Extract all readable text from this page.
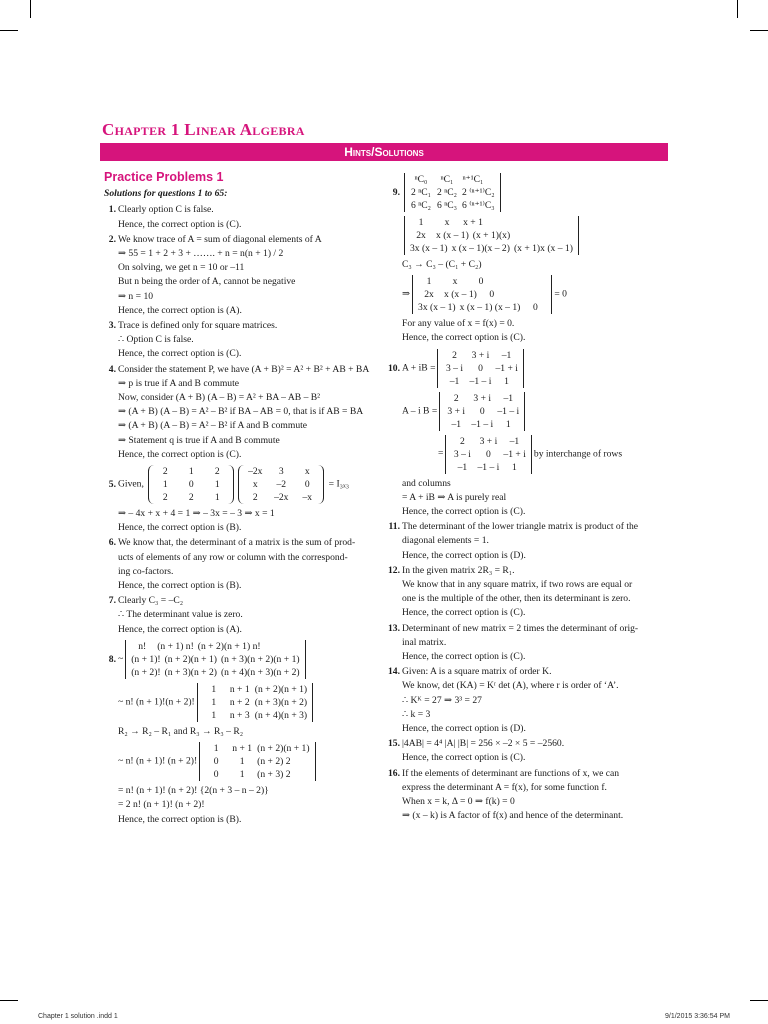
Chapter 1 Linear Algebra
Hints/Solutions
Practice Problems 1
Solutions for questions 1 to 65:
1. Clearly option C is false.
Hence, the correct option is (C).
2. We know trace of A = sum of diagonal elements of A
⇒ 55 = 1 + 2 + 3 + ……. + n = n(n + 1) / 2
On solving, we get n = 10 or –11
But n being the order of A, cannot be negative
⇒ n = 10
Hence, the correct option is (A).
3. Trace is defined only for square matrices.
∴ Option C is false.
Hence, the correct option is (C).
4. Consider the statement P, we have (A + B)² = A² + B² + AB + BA
⇒ p is true if A and B commute
Now, consider (A + B) (A – B) = A² + BA – AB – B²
⇒ (A + B) (A – B) = A² – B² if BA – AB = 0, that is if AB = BA
⇒ (A + B) (A – B) = A² – B² if A and B commute
⇒ Statement q is true if A and B commute
Hence, the correct option is (C).
5. Given,
2 1 2
1 0 1
2 2 1
–2x 3 x
x –2 0
2 –2x –x
= I₃ₓ₃
⇒ – 4x + x + 4 = 1 ⇒ – 3x = – 3 ⇒ x = 1
Hence, the correct option is (B).
6. We know that, the determinant of a matrix is the sum of prod-
ucts of elements of any row or column with the correspond-
ing co-factors.
Hence, the correct option is (B).
7. Clearly C₃ = –C₂
∴ The determinant value is zero.
Hence, the correct option is (A).
8. ~
n! (n + 1) n! (n + 2)(n + 1) n!
(n + 1)! (n + 2)(n + 1) (n + 3)(n + 2)(n + 1)
(n + 2)! (n + 3)(n + 2) (n + 4)(n + 3)(n + 2)
~ n! (n + 1)!(n + 2)!
1 n + 1 (n + 2)(n + 1)
1 n + 2 (n + 3)(n + 2)
1 n + 3 (n + 4)(n + 3)
R₂ → R₂ – R₁ and R₃ → R₃ – R₂
~ n! (n + 1)! (n + 2)!
1 n + 1 (n + 2)(n + 1)
0 1 (n + 2) 2
0 1 (n + 3) 2
= n! (n + 1)! (n + 2)! {2(n + 3 – n – 2)}
= 2 n! (n + 1)! (n + 2)!
Hence, the correct option is (B).
9.
ⁿC₀ ⁿC₁ ⁿ⁺¹C₁
2 ⁿC₁ 2 ⁿC₂ 2 ⁽ⁿ⁺¹⁾C₂
6 ⁿC₂ 6 ⁿC₃ 6 ⁽ⁿ⁺¹⁾C₃
1 x x + 1
2x x (x – 1) (x + 1)(x)
3x (x – 1) x (x – 1)(x – 2) (x + 1)x (x – 1)
C₃ → C₃ – (C₁ + C₂)
⇒
1 x 0
2x x (x – 1) 0
3x (x – 1) x (x – 1) (x – 1) 0
= 0
For any value of x = f(x) = 0.
Hence, the correct option is (C).
10. A + iB =
2 3 + i –1
3 – i 0 –1 + i
–1 –1 – i 1
A – i B =
2 3 + i –1
3 + i 0 –1 – i
–1 –1 – i 1
=
2 3 + i –1
3 – i 0 –1 + i
–1 –1 – i 1
by interchange of rows
and columns
= A + iB ⇒ A is purely real
Hence, the correct option is (C).
11. The determinant of the lower triangle matrix is product of the
diagonal elements = 1.
Hence, the correct option is (D).
12. In the given matrix 2R₃ = R₁.
We know that in any square matrix, if two rows are equal or
one is the multiple of the other, then its determinant is zero.
Hence, the correct option is (C).
13. Determinant of new matrix = 2 times the determinant of orig-
inal matrix.
Hence, the correct option is (C).
14. Given: A is a square matrix of order K.
We know, det (KA) = Kʳ det (A), where r is order of ‘A’.
∴ Kᴷ = 27 ⇒ 3³ = 27
∴ k = 3
Hence, the correct option is (D).
15. |4AB| = 4⁴ |A| |B| = 256 × –2 × 5 = –2560.
Hence, the correct option is (C).
16. If the elements of determinant are functions of x, we can
express the determinant A = f(x), for some function f.
When x = k, Δ = 0 ⇒ f(k) = 0
⇒ (x – k) is A factor of f(x) and hence of the determinant.
Chapter 1 solution .indd 1	9/1/2015 3:36:54 PM
